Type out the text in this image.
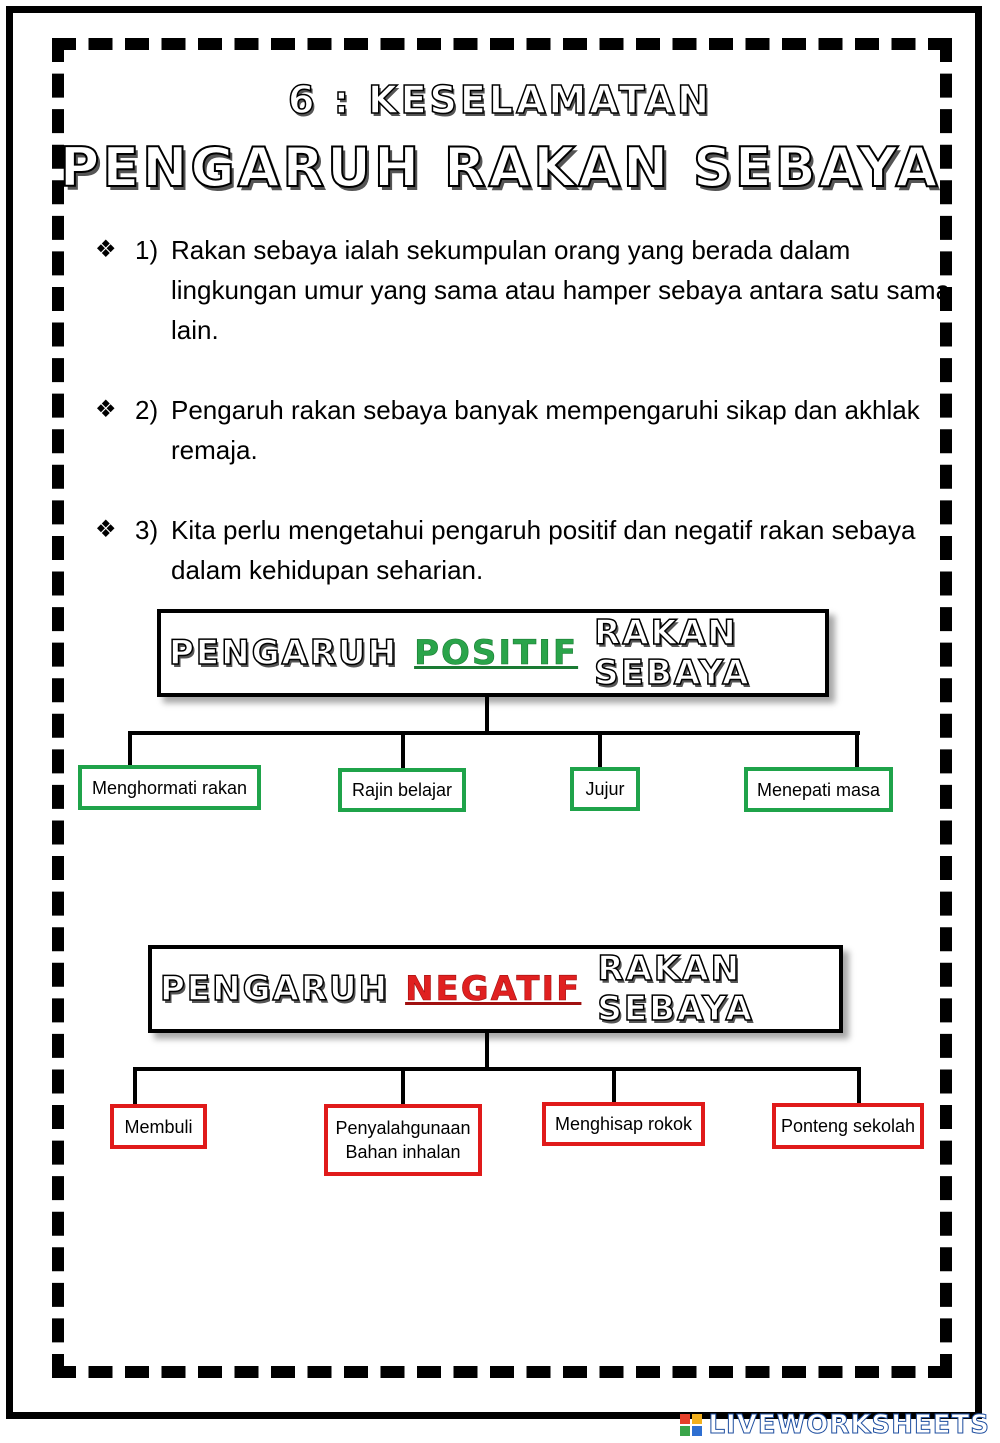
6 : KESELAMATAN
PENGARUH RAKAN SEBAYA
❖ 1) Rakan sebaya ialah sekumpulan orang yang berada dalam lingkungan umur yang sama atau hamper sebaya antara satu sama lain.
❖ 2) Pengaruh rakan sebaya banyak mempengaruhi sikap dan akhlak remaja.
❖ 3) Kita perlu mengetahui pengaruh positif dan negatif rakan sebaya dalam kehidupan seharian.
PENGARUH POSITIF RAKAN SEBAYA
Menghormati rakan	Rajin belajar	Jujur	Menepati masa
PENGARUH NEGATIF RAKAN SEBAYA
Membuli	Penyalahgunaan Bahan inhalan
Menghisap rokok	Ponteng sekolah
LIVEWORKSHEETS
